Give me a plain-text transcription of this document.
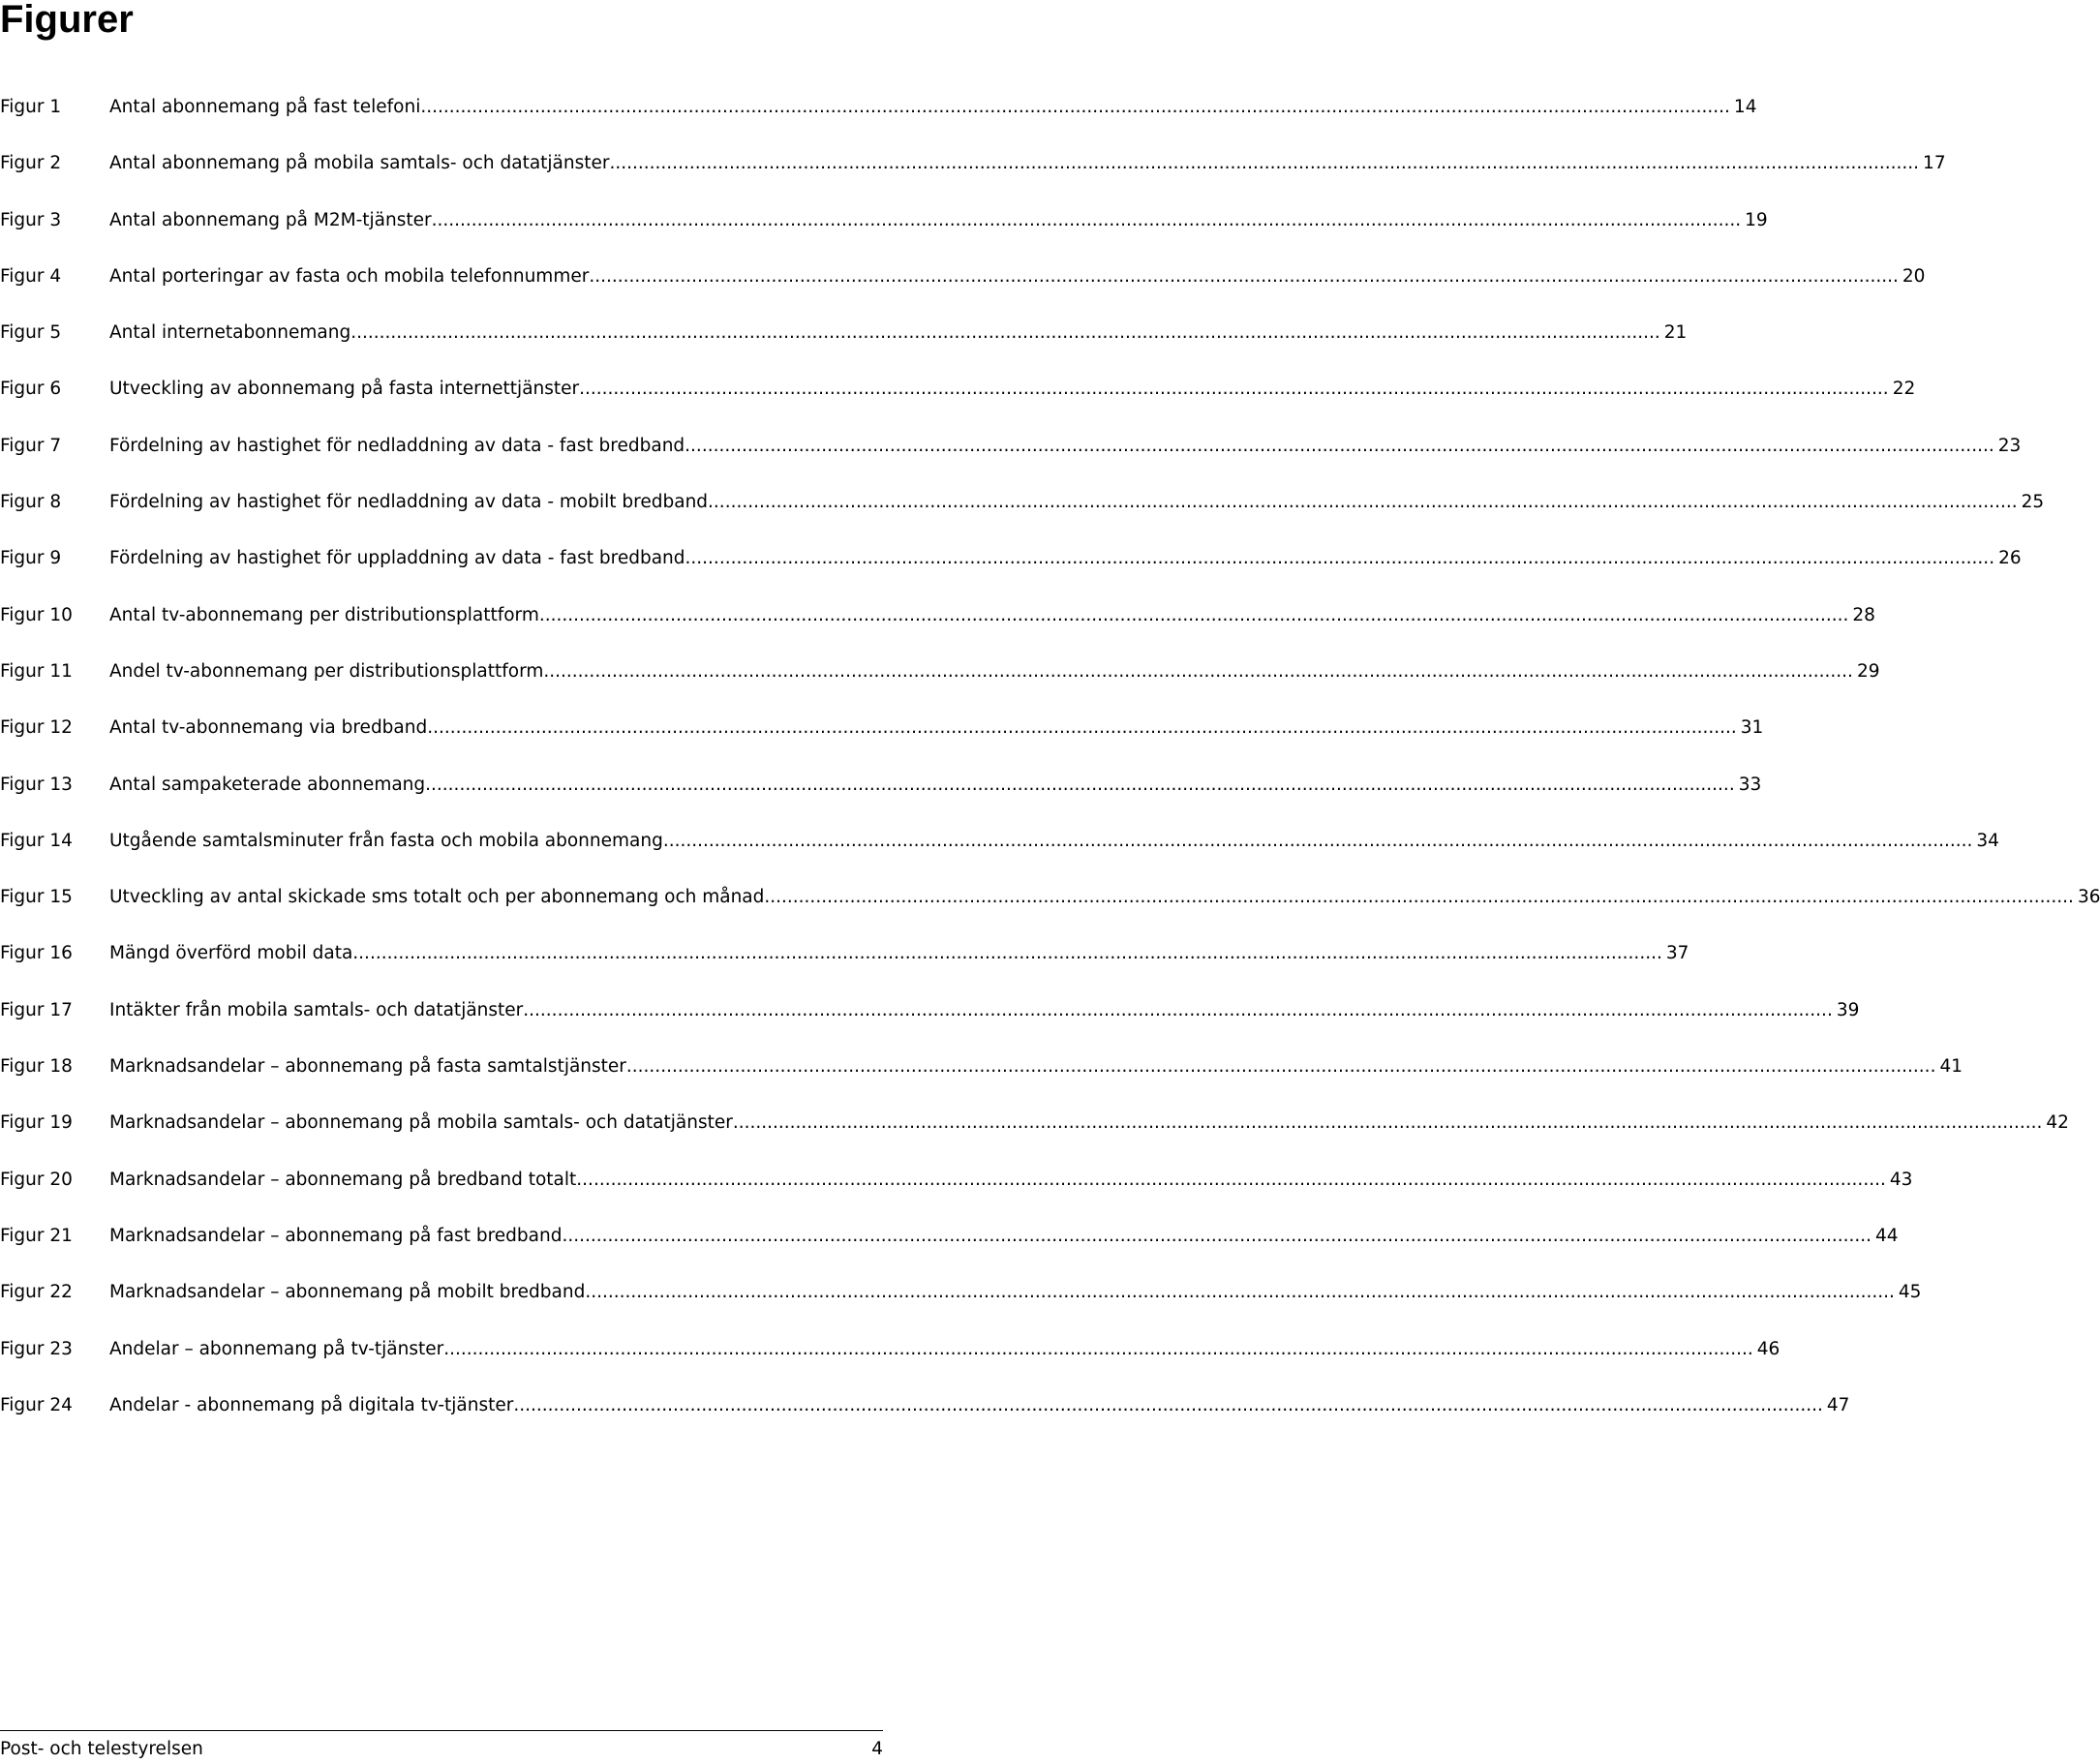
Figurer
Figur 1	Antal abonnemang på fast telefoni .....	14
Figur 2	Antal abonnemang på mobila samtals- och datatjänster .....	17
Figur 3	Antal abonnemang på M2M-tjänster .....	19
Figur 4	Antal porteringar av fasta och mobila telefonnummer .....	20
Figur 5	Antal internetabonnemang .....	21
Figur 6	Utveckling av abonnemang på fasta internettjänster .....	22
Figur 7	Fördelning av hastighet för nedladdning av data - fast bredband .....	23
Figur 8	Fördelning av hastighet för nedladdning av data - mobilt bredband .....	25
Figur 9	Fördelning av hastighet för uppladdning av data - fast bredband .....	26
Figur 10	Antal tv-abonnemang per distributionsplattform .....	28
Figur 11	Andel tv-abonnemang per distributionsplattform .....	29
Figur 12	Antal tv-abonnemang via bredband .....	31
Figur 13	Antal sampaketerade abonnemang .....	33
Figur 14	Utgående samtalsminuter från fasta och mobila abonnemang .....	34
Figur 15	Utveckling av antal skickade sms totalt och per abonnemang och månad .....	36
Figur 16	Mängd överförd mobil data .....	37
Figur 17	Intäkter från mobila samtals- och datatjänster .....	39
Figur 18	Marknadsandelar – abonnemang på fasta samtalstjänster .....	41
Figur 19	Marknadsandelar – abonnemang på mobila samtals- och datatjänster .....	42
Figur 20	Marknadsandelar – abonnemang på bredband totalt .....	43
Figur 21	Marknadsandelar – abonnemang på fast bredband .....	44
Figur 22	Marknadsandelar – abonnemang på mobilt bredband .....	45
Figur 23	Andelar – abonnemang på tv-tjänster .....	46
Figur 24	Andelar - abonnemang på digitala tv-tjänster .....	47
Post- och telestyrelsen	4
